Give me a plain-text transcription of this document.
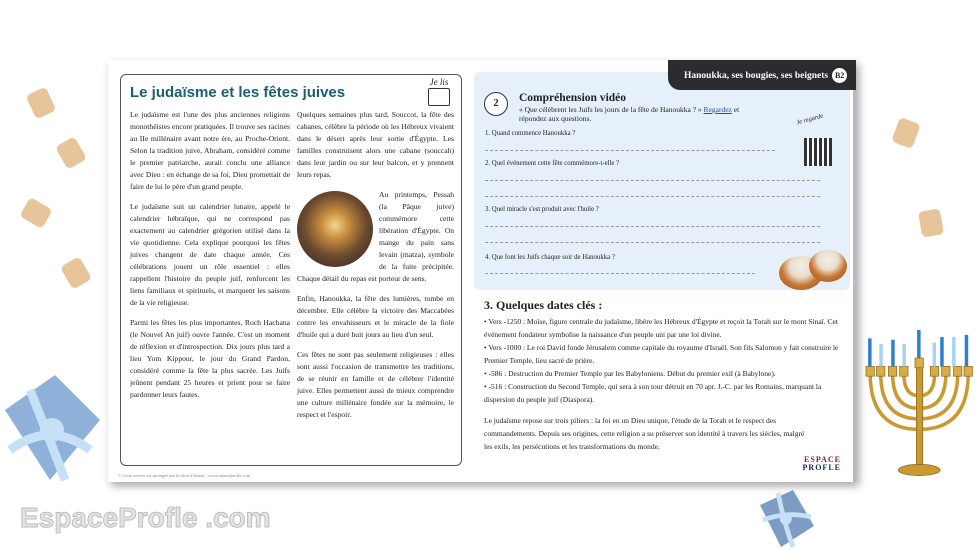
Le judaïsme et les fêtes juives
Je lis

Le judaïsme est l'une des plus anciennes religions monothéistes encore pratiquées. Il trouve ses racines au IIe millénaire avant notre ère, au Proche-Orient. Selon la tradition juive, Abraham, considéré comme le premier patriarche, aurait conclu une alliance avec Dieu : en échange de sa foi, Dieu promettait de faire de lui le père d'un grand peuple.

Le judaïsme suit un calendrier lunaire, appelé le calendrier hébraïque, qui ne correspond pas exactement au calendrier grégorien utilisé dans la vie quotidienne. Cela explique pourquoi les fêtes juives changent de date chaque année. Ces célébrations jouent un rôle essentiel : elles rappellent l'histoire du peuple juif, renforcent les liens familiaux et spirituels, et marquent les saisons de la vie religieuse.

Parmi les fêtes les plus importantes, Roch Hachana (le Nouvel An juif) ouvre l'année. C'est un moment de réflexion et d'introspection. Dix jours plus tard a lieu Yom Kippour, le jour du Grand Pardon, considéré comme la fête la plus sacrée. Les Juifs jeûnent pendant 25 heures et prient pour se faire pardonner leurs fautes.

Quelques semaines plus tard, Souccot, la fête des cabanes, célèbre la période où les Hébreux vivaient dans le désert après leur sortie d'Égypte. Les familles construisent alors une cabane (souccah) dans leur jardin ou sur leur balcon, et y prennent leurs repas.

Au printemps, Pessah (la Pâque juive) commémore cette libération d'Égypte. On mange du pain sans levain (matza), symbole de la fuite précipitée. Chaque détail du repas est porteur de sens.

Enfin, Hanoukka, la fête des lumières, tombe en décembre. Elle célèbre la victoire des Maccabées contre les envahisseurs et le miracle de la fiole d'huile qui a duré huit jours au lieu d'un seul.

Ces fêtes ne sont pas seulement religieuses : elles sont aussi l'occasion de transmettre les traditions, de se réunir en famille et de célébrer l'identité juive. Elles permettent aussi de mieux comprendre une culture millénaire fondée sur la mémoire, le respect et l'espoir.

© Cette oeuvre est protégée par le droit d'auteur / www.espaceprofle.com
Hanoukka, ses bougies, ses beignets B2
2	Compréhension vidéo
« Que célèbrent les Juifs les jours de la fête de Hanoukka ? » Regardez et répondez aux questions.	Je regarde
1. Quand commence Hanoukka ?
2. Quel événement cette fête commémore-t-elle ?
3. Quel miracle s'est produit avec l'huile ?
4. Que font les Juifs chaque soir de Hanoukka ?
3. Quelques dates clés :
• Vers -1250 : Moïse, figure centrale du judaïsme, libère les Hébreux d'Égypte et reçoit la Torah sur le mont Sinaï. Cet événement fondateur symbolise la naissance d'un peuple uni par une loi divine.
• Vers -1000 : Le roi David fonde Jérusalem comme capitale du royaume d'Israël. Son fils Salomon y fait construire le Premier Temple, lieu sacré de prière.
• -586 : Destruction du Premier Temple par les Babyloniens. Début du premier exil (à Babylone).
• -516 : Construction du Second Temple, qui sera à son tour détruit en 70 apr. J.-C. par les Romains, marquant la dispersion du peuple juif (Diaspora).
Le judaïsme repose sur trois piliers : la foi en un Dieu unique, l'étude de la Torah et le respect des commandements. Depuis ses origines, cette religion a su préserver son identité à travers les siècles, malgré les exils, les persécutions et les transformations du monde.
ESPACE
PROFLE
EspaceProfle .com
